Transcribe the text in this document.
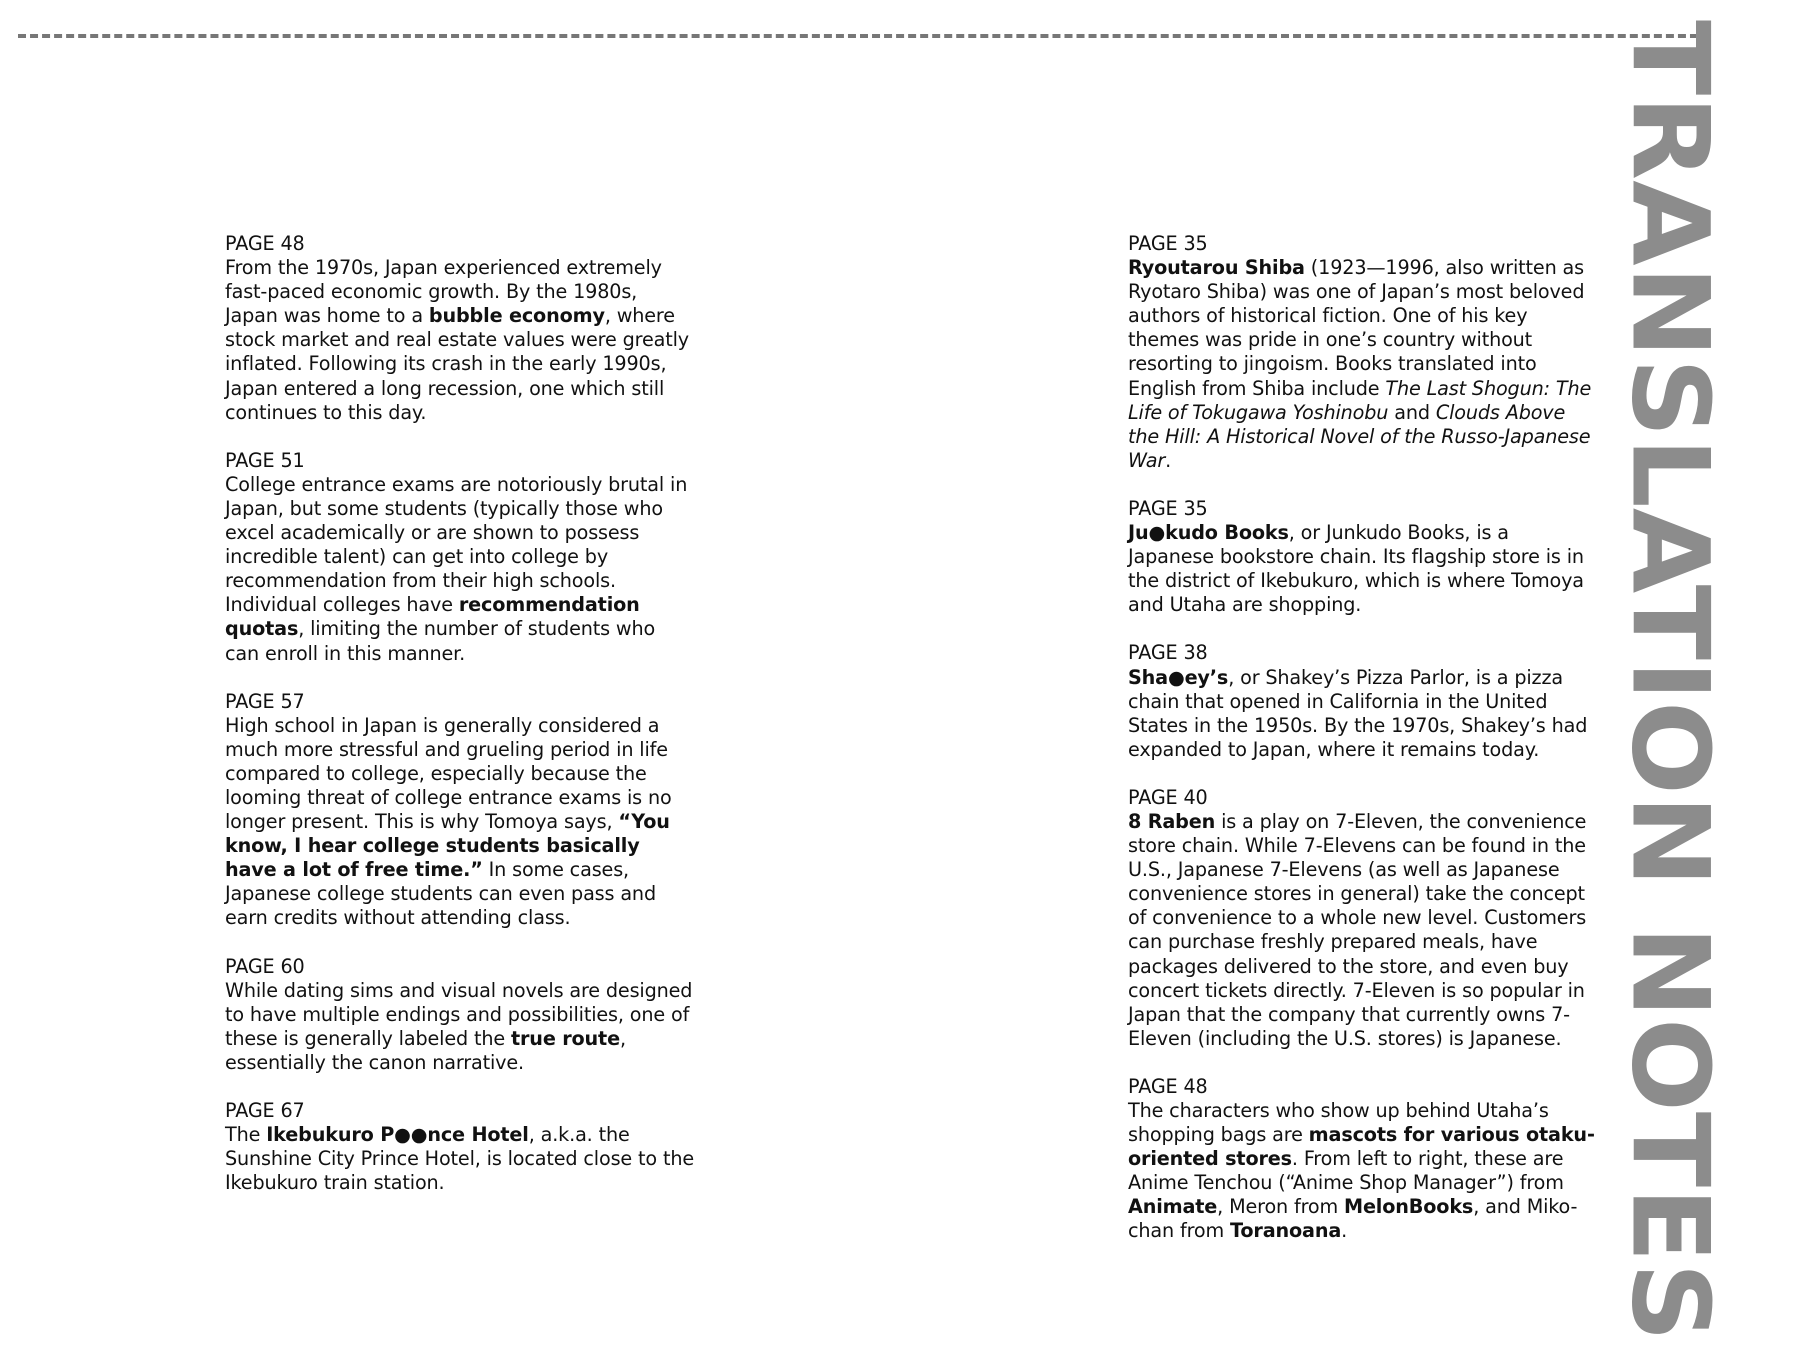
PAGE 48
From the 1970s, Japan experienced extremely fast-paced economic growth. By the 1980s, Japan was home to a bubble economy, where stock market and real estate values were greatly inflated. Following its crash in the early 1990s, Japan entered a long recession, one which still continues to this day.
PAGE 51
College entrance exams are notoriously brutal in Japan, but some students (typically those who excel academically or are shown to possess incredible talent) can get into college by recommendation from their high schools. Individual colleges have recommendation quotas, limiting the number of students who can enroll in this manner.
PAGE 57
High school in Japan is generally considered a much more stressful and grueling period in life compared to college, especially because the looming threat of college entrance exams is no longer present. This is why Tomoya says, “You know, I hear college students basically have a lot of free time.” In some cases, Japanese college students can even pass and earn credits without attending class.
PAGE 60
While dating sims and visual novels are designed to have multiple endings and possibilities, one of these is generally labeled the true route, essentially the canon narrative.
PAGE 67
The Ikebukuro P●●nce Hotel, a.k.a. the Sunshine City Prince Hotel, is located close to the Ikebukuro train station.
PAGE 35
Ryoutarou Shiba (1923—1996, also written as Ryotaro Shiba) was one of Japan’s most beloved authors of historical fiction. One of his key themes was pride in one’s country without resorting to jingoism. Books translated into English from Shiba include The Last Shogun: The Life of Tokugawa Yoshinobu and Clouds Above the Hill: A Historical Novel of the Russo-Japanese War.
PAGE 35
Ju●kudo Books, or Junkudo Books, is a Japanese bookstore chain. Its flagship store is in the district of Ikebukuro, which is where Tomoya and Utaha are shopping.
PAGE 38
Sha●ey’s, or Shakey’s Pizza Parlor, is a pizza chain that opened in California in the United States in the 1950s. By the 1970s, Shakey’s had expanded to Japan, where it remains today.
PAGE 40
8 Raben is a play on 7-Eleven, the convenience store chain. While 7-Elevens can be found in the U.S., Japanese 7-Elevens (as well as Japanese convenience stores in general) take the concept of convenience to a whole new level. Customers can purchase freshly prepared meals, have packages delivered to the store, and even buy concert tickets directly. 7-Eleven is so popular in Japan that the company that currently owns 7-Eleven (including the U.S. stores) is Japanese.
PAGE 48
The characters who show up behind Utaha’s shopping bags are mascots for various otaku-oriented stores. From left to right, these are Anime Tenchou (“Anime Shop Manager”) from Animate, Meron from MelonBooks, and Miko-chan from Toranoana.	TRANSLATION NOTES
